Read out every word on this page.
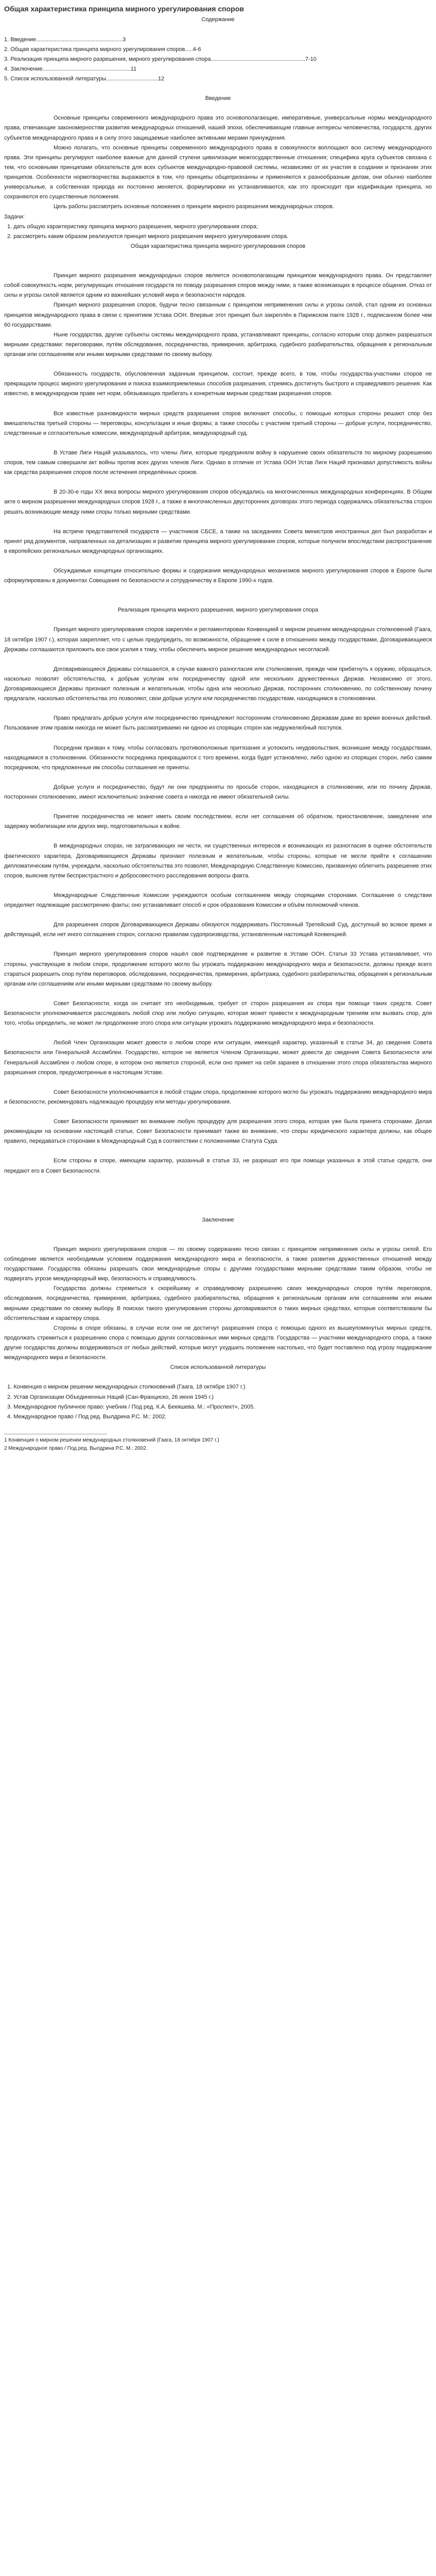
Общая характеристика принципа мирного урегулирования споров
Содержание
1. Введение.......................................................3
2. Общая характеристика принципа мирного урегулирования споров.....4-6
3. Реализация принципа мирного разрешения, мирного урегулирования спора............................................................7-10
4. Заключение........................................................11
5. Список использованной литературы.................................12
Введение

Основные принципы современного международного права это основополагающие, императивные, универсальные нормы международного права, отвечающие закономерностям развития международных отношений, нашей эпохи, обеспечивающие главные интересы человечества, государств, других субъектов международного права и в силу этого защищаемые наиболее активными мерами принуждения.

Можно полагать, что основные принципы современного международного права в совокупности воплощают всю систему международного права. Эти принципы регулируют наиболее важные для данной ступени цивилизации межгосударственные отношения; специфика круга субъектов связана с тем, что основными принципами обязательств для всех субъектов международно-правовой системы, независимо от их участия в создании и признании этих принципов. Особенности нормотворчества выражаются в том, что принципы общепризнанны и применяются к разнообразным делам, они обычно наиболее универсальные, а собственная природа их постоянно меняется, формулировки их устанавливаются, как это происходит при кодификации принципа, но сохраняются его существенные положения.

Цель работы рассмотреть основные положения о принципе мирного разрешения международных споров.

Задачи:

1. дать общую характеристику принципа мирного разрешения, мирного урегулирования спора;
2. рассмотреть каким образом реализуются принцип мирного разрешения мирного урегулирования спора.
Общая характеристика принципа мирного урегулирования споров

Принцип мирного разрешения международных споров является основополагающим принципом международного права. Он представляет собой совокупность норм, регулирующих отношения государств по поводу разрешения споров между ними, а также возникающих в процессе общения. Отказ от силы и угрозы силой является одним из важнейших условий мира и безопасности народов.

Принцип мирного разрешения споров, будучи тесно связанным с принципом неприменения силы и угрозы силой, стал одним из основных принципов международного права в связи с принятием Устава ООН. Впервые этот принцип был закреплён в Парижском пакте 1928 г., подписанном более чем 60 государствами.

Ныне государства, другие субъекты системы международного права, устанавливают принципы, согласно которым спор должен разрешаться мирными средствами: переговорами, путём обследования, посредничества, примирения, арбитража, судебного разбирательства, обращения к региональным органам или соглашениям или иными мирными средствами по своему выбору.

Обязанность государств, обусловленная заданным принципом, состоит, прежде всего, в том, чтобы государства-участники споров не прекращали процесс мирного урегулирования и поиска взаимоприемлемых способов разрешения, стремясь достигнуть быстрого и справедливого решения. Как известно, в международном праве нет норм, обязывающих прибегать к конкретным мирным средствам разрешения споров.

Все известные разновидности мирных средств разрешения споров включают способы, с помощью которых стороны решают спор без вмешательства третьей стороны — переговоры, консультации и иные формы; а также способы с участием третьей стороны — добрые услуги, посредничество, следственные и согласительные комиссии, международный арбитраж, международный суд.

В Уставе Лиги Наций указывалось, что члены Лиги, которые предприняли войну в нарушение своих обязательств по мирному разрешению споров, тем самым совершили акт войны против всех других членов Лиги. Однако в отличие от Устава ООН Устав Лиги Наций признавал допустимость войны как средства разрешения споров после истечения определённых сроков.

В 20-30-е годы XX века вопросы мирного урегулирования споров обсуждались на многочисленных международных конференциях. В Общем акте о мирном разрешении международных споров 1928 г., а также в многочисленных двусторонних договорах этого периода содержались обязательства сторон решать возникающие между ними споры только мирными средствами.

На встрече представителей государств — участников СБСЕ, а также на заседаниях Совета министров иностранных дел был разработан и принят ряд документов, направленных на детализацию и развитие принципа мирного урегулирования споров, которые получили впоследствии распространение в европейских региональных международных организациях.

Обсуждаемые концепции относительно формы и содержания международных механизмов мирного урегулирования споров в Европе были сформулированы в документах Совещания по безопасности и сотрудничеству в Европе 1990-х годов.

Реализация принципа мирного разрешения, мирного урегулирования спора

Принцип мирного урегулирования споров закреплён и регламентирован Конвенцией о мирном решении международных столкновений (Гаага, 18 октября 1907 г.), которая закрепляет, что с целью предупредить, по возможности, обращение к силе в отношениях между государствами, Договаривающиеся Державы соглашаются приложить все свои усилия к тому, чтобы обеспечить мирное решение международных несогласий.

Договаривающиеся Державы соглашаются, в случае важного разногласия или столкновения, прежде чем прибегнуть к оружию, обращаться, насколько позволят обстоятельства, к добрым услугам или посредничеству одной или нескольких дружественных Держав. Независимо от этого, Договаривающиеся Державы признают полезным и желательным, чтобы одна или несколько Держав, посторонних столкновению, по собственному почину предлагали, насколько обстоятельства это позволяют, свои добрые услуги или посредничество государствам, находящимся в столкновении.

Право предлагать добрые услуги или посредничество принадлежит посторонним столкновению Державам даже во время военных действий. Пользование этим правом никогда не может быть рассматриваемо ни одною из спорящих сторон как недружелюбный поступок.

Посредник призван к тому, чтобы согласовать противоположные притязания и успокоить неудовольствия, возникшие между государствами, находящимися в столкновении. Обязанности посредника прекращаются с того времени, когда будет установлено, либо одною из спорящих сторон, либо самим посредником, что предложенные им способы соглашения не приняты.

Добрые услуги и посредничество, будут ли они предприняты по просьбе сторон, находящихся в столкновении, или по почину Держав, посторонних столкновению, имеют исключительно значение совета и никогда не имеют обязательной силы.

Принятие посредничества не может иметь своим последствием, если нет соглашения об обратном, приостановление, замедление или задержку мобилизации или других мер, подготовительных к войне.

В международных спорах, не затрагивающих ни чести, ни существенных интересов и возникающих из разногласия в оценке обстоятельств фактического характера, Договаривающиеся Державы признают полезным и желательным, чтобы стороны, которые не могли прийти к соглашению дипломатическим путём, учреждали, насколько обстоятельства это позволят, Международную Следственную Комиссию, призванную облегчить разрешение этих споров, выяснив путём беспристрастного и добросовестного расследования вопросы факта.

Международные Следственные Комиссии учреждаются особым соглашением между спорящими сторонами. Соглашение о следствии определяет подлежащие рассмотрению факты; оно устанавливает способ и срок образования Комиссии и объём полномочий членов.

Для разрешения споров Договаривающиеся Державы обязуются поддерживать Постоянный Третейский Суд, доступный во всякое время и действующий, если нет иного соглашения сторон, согласно правилам судопроизводства, установленным настоящей Конвенцией.

Принцип мирного урегулирования споров нашёл своё подтверждение и развитие в Уставе ООН. Статья 33 Устава устанавливает, что стороны, участвующие в любом споре, продолжение которого могло бы угрожать поддержанию международного мира и безопасности, должны прежде всего стараться разрешить спор путём переговоров, обследования, посредничества, примирения, арбитража, судебного разбирательства, обращения к региональным органам или соглашениям или иными мирными средствами по своему выбору.

Совет Безопасности, когда он считает это необходимым, требует от сторон разрешения их спора при помощи таких средств. Совет Безопасности уполномочивается расследовать любой спор или любую ситуацию, которая может привести к международным трениям или вызвать спор, для того, чтобы определить, не может ли продолжение этого спора или ситуации угрожать поддержанию международного мира и безопасности.

Любой Член Организации может довести о любом споре или ситуации, имеющей характер, указанный в статье 34, до сведения Совета Безопасности или Генеральной Ассамблеи. Государство, которое не является Членом Организации, может довести до сведения Совета Безопасности или Генеральной Ассамблеи о любом споре, в котором оно является стороной, если оно примет на себя заранее в отношении этого спора обязательства мирного разрешения споров, предусмотренные в настоящем Уставе.

Совет Безопасности уполномочивается в любой стадии спора, продолжение которого могло бы угрожать поддержанию международного мира и безопасности, рекомендовать надлежащую процедуру или методы урегулирования.

Совет Безопасности принимает во внимание любую процедуру для разрешения этого спора, которая уже была принята сторонами. Делая рекомендации на основании настоящей статьи, Совет Безопасности принимает также во внимание, что споры юридического характера должны, как общее правило, передаваться сторонами в Международный Суд в соответствии с положениями Статута Суда.

Если стороны в споре, имеющем характер, указанный в статье 33, не разрешат его при помощи указанных в этой статье средств, они передают его в Совет Безопасности.

Заключение

Принцип мирного урегулирования споров — по своему содержанию тесно связан с принципом неприменения силы и угрозы силой. Его соблюдение является необходимым условием поддержания международного мира и безопасности, а также развития дружественных отношений между государствами. Государства обязаны разрешать свои международные споры с другими государствами мирными средствами таким образом, чтобы не подвергать угрозе международный мир, безопасность и справедливость.

Государства должны стремиться к скорейшему и справедливому разрешению своих международных споров путём переговоров, обследования, посредничества, примирения, арбитража, судебного разбирательства, обращения к региональным органам или соглашениям или иными мирными средствами по своему выбору. В поисках такого урегулирования стороны договариваются о таких мирных средствах, которые соответствовали бы обстоятельствам и характеру спора.

Стороны в споре обязаны, в случае если они не достигнут разрешения спора с помощью одного из вышеупомянутых мирных средств, продолжать стремиться к разрешению спора с помощью других согласованных ими мирных средств. Государства — участники международного спора, а также другие государства должны воздерживаться от любых действий, которые могут ухудшить положение настолько, что будет поставлено под угрозу поддержание международного мира и безопасности.

Список использованной литературы
1. Конвенция о мирном решении международных столкновений (Гаага, 18 октября 1907 г.)
2. Устав Организации Объединенных Наций (Сан-Франциско, 26 июня 1945 г.)
3. Международное публичное право: учебник / Под ред. К.А. Бекяшева. М.: «Проспект», 2005.
4. Международное право / Под ред. Вылдрина Р.С. М.: 2002.

1 Конвенция о мирном решении международных столкновений (Гаага, 18 октября 1907 г.)

2 Международное право / Под ред. Вылдрина Р.С. М.: 2002.
